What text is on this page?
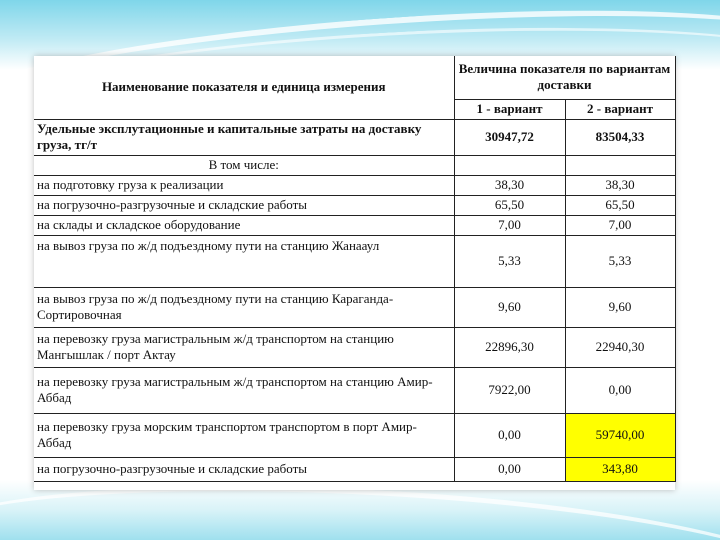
Наименование показателя и единица измерения	Величина показателя по вариантам доставки	
	1 - вариант	2 - вариант
Удельные эксплутационные и капитальные затраты на доставку груза, тг/т	30947,72	83504,33
В том числе:		
на подготовку груза к реализации	38,30	38,30
на погрузочно-разгрузочные и складские работы	65,50	65,50
на склады и складское оборудование	7,00	7,00
на вывоз груза по ж/д подъездному пути на станцию Жанааул	5,33	5,33
на вывоз груза по ж/д подъездному пути на станцию Караганда-Сортировочная	9,60	9,60
на перевозку груза магистральным ж/д транспортом на станцию Мангышлак / порт Актау	22896,30	22940,30
на перевозку груза магистральным ж/д транспортом на станцию Амир-Аббад	7922,00	0,00
на перевозку груза морским транспортом транспортом в порт Амир-Аббад	0,00	59740,00
на погрузочно-разгрузочные и складские работы	0,00	343,80
